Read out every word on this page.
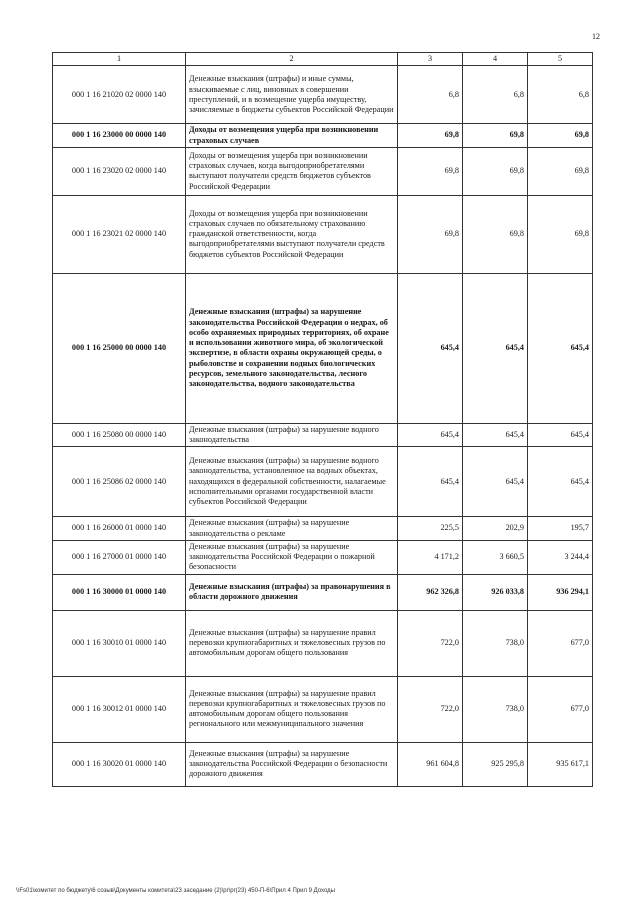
12
1	2	3	4	5
000 1 16 21020 02 0000 140	Денежные взыскания (штрафы) и иные суммы, взыскиваемые с лиц, виновных в совершении преступлений, и в возмещение ущерба имуществу, зачисляемые в бюджеты субъектов Российской Федерации	6,8	6,8	6,8
000 1 16 23000 00 0000 140	Доходы от возмещения ущерба при возникновении страховых случаев	69,8	69,8	69,8
000 1 16 23020 02 0000 140	Доходы от возмещения ущерба при возникновении страховых случаев, когда выгодоприобретателями выступают получатели средств бюджетов субъектов Российской Федерации	69,8	69,8	69,8
000 1 16 23021 02 0000 140	Доходы от возмещения ущерба при возникновении страховых случаев по обязательному страхованию гражданской ответственности, когда выгодоприобретателями выступают получатели средств бюджетов субъектов Российской Федерации	69,8	69,8	69,8
000 1 16 25000 00 0000 140	Денежные взыскания (штрафы) за нарушение законодательства Российской Федерации о недрах, об особо охраняемых природных территориях, об охране и использовании животного мира, об экологической экспертизе, в области охраны окружающей среды, о рыболовстве и сохранении водных биологических ресурсов, земельного законодательства, лесного законодательства, водного законодательства	645,4	645,4	645,4
000 1 16 25080 00 0000 140	Денежные взыскания (штрафы) за нарушение водного законодательства	645,4	645,4	645,4
000 1 16 25086 02 0000 140	Денежные взыскания (штрафы) за нарушение водного законодательства, установленное на водных объектах, находящихся в федеральной собственности, налагаемые исполнительными органами государственной власти субъектов Российской Федерации	645,4	645,4	645,4
000 1 16 26000 01 0000 140	Денежные взыскания (штрафы) за нарушение законодательства о рекламе	225,5	202,9	195,7
000 1 16 27000 01 0000 140	Денежные взыскания (штрафы) за нарушение законодательства Российской Федерации о пожарной безопасности	4 171,2	3 660,5	3 244,4
000 1 16 30000 01 0000 140	Денежные взыскания (штрафы) за правонарушения в области дорожного движения	962 326,8	926 033,8	936 294,1
000 1 16 30010 01 0000 140	Денежные взыскания (штрафы) за нарушение правил перевозки крупногабаритных и тяжеловесных грузов по автомобильным дорогам общего пользования	722,0	738,0	677,0
000 1 16 30012 01 0000 140	Денежные взыскания (штрафы) за нарушение правил перевозки крупногабаритных и тяжеловесных грузов по автомобильным дорогам общего пользования регионального или межмуниципального значения	722,0	738,0	677,0
000 1 16 30020 01 0000 140	Денежные взыскания (штрафы) за нарушение законодательства Российской Федерации о безопасности дорожного движения	961 604,8	925 295,8	935 617,1
\\Fs01\комитет по бюджету\6 созыв\Документы комитета\23 заседание (2)\pr\pr(23) 450-П-6\Прил 4 Прил 9 Доходы
